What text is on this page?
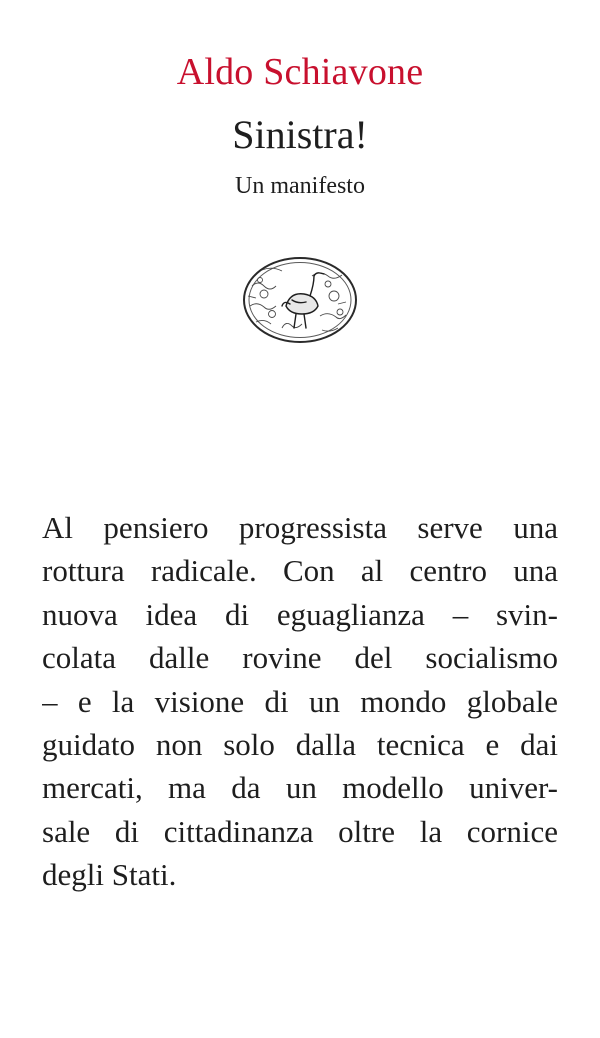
Aldo Schiavone
Sinistra!
Un manifesto
Al pensiero progressista serve una
rottura radicale. Con al centro una
nuova idea di eguaglianza – svin-
colata dalle rovine del socialismo
– e la visione di un mondo globale
guidato non solo dalla tecnica e dai
mercati, ma da un modello univer-
sale di cittadinanza oltre la cornice
degli Stati.
